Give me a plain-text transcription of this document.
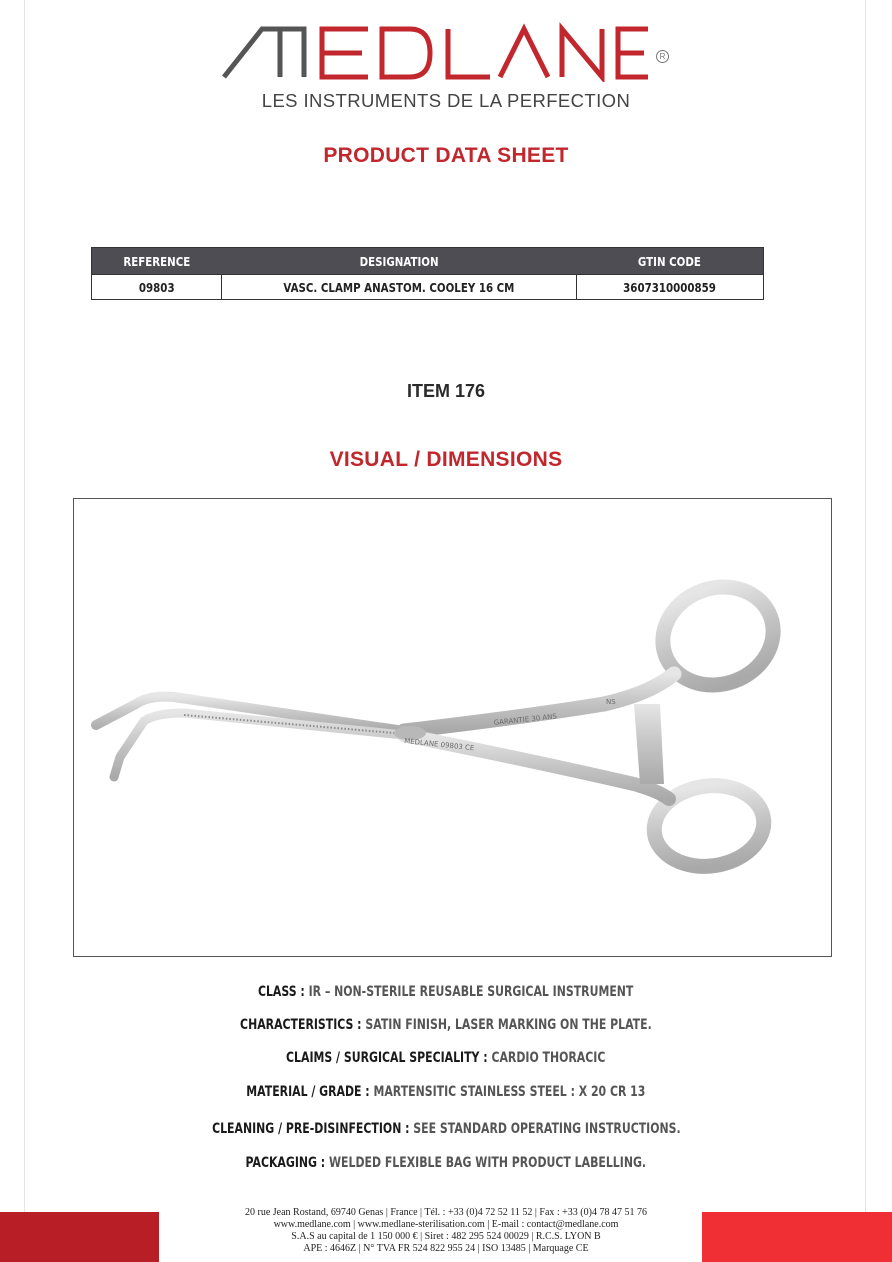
R
LES INSTRUMENTS DE LA PERFECTION
PRODUCT DATA SHEET
REFERENCE	DESIGNATION	GTIN CODE
09803	VASC. CLAMP ANASTOM. COOLEY 16 CM	3607310000859
ITEM 176
VISUAL / DIMENSIONS
MEDLANE 09803 CE
GARANTIE 30 ANS
NS
CLASS : IR – NON-STERILE REUSABLE SURGICAL INSTRUMENT
CHARACTERISTICS : SATIN FINISH, LASER MARKING ON THE PLATE.
CLAIMS / SURGICAL SPECIALITY : CARDIO THORACIC
MATERIAL / GRADE : MARTENSITIC STAINLESS STEEL : X 20 CR 13
CLEANING / PRE-DISINFECTION : SEE STANDARD OPERATING INSTRUCTIONS.
PACKAGING : WELDED FLEXIBLE BAG WITH PRODUCT LABELLING.
20 rue Jean Rostand, 69740 Genas | France | Tél. : +33 (0)4 72 52 11 52 | Fax : +33 (0)4 78 47 51 76
www.medlane.com | www.medlane-sterilisation.com | E-mail : contact@medlane.com
S.A.S au capital de 1 150 000 € | Siret : 482 295 524 00029 | R.C.S. LYON B
APE : 4646Z | N° TVA FR 524 822 955 24 | ISO 13485 | Marquage CE
